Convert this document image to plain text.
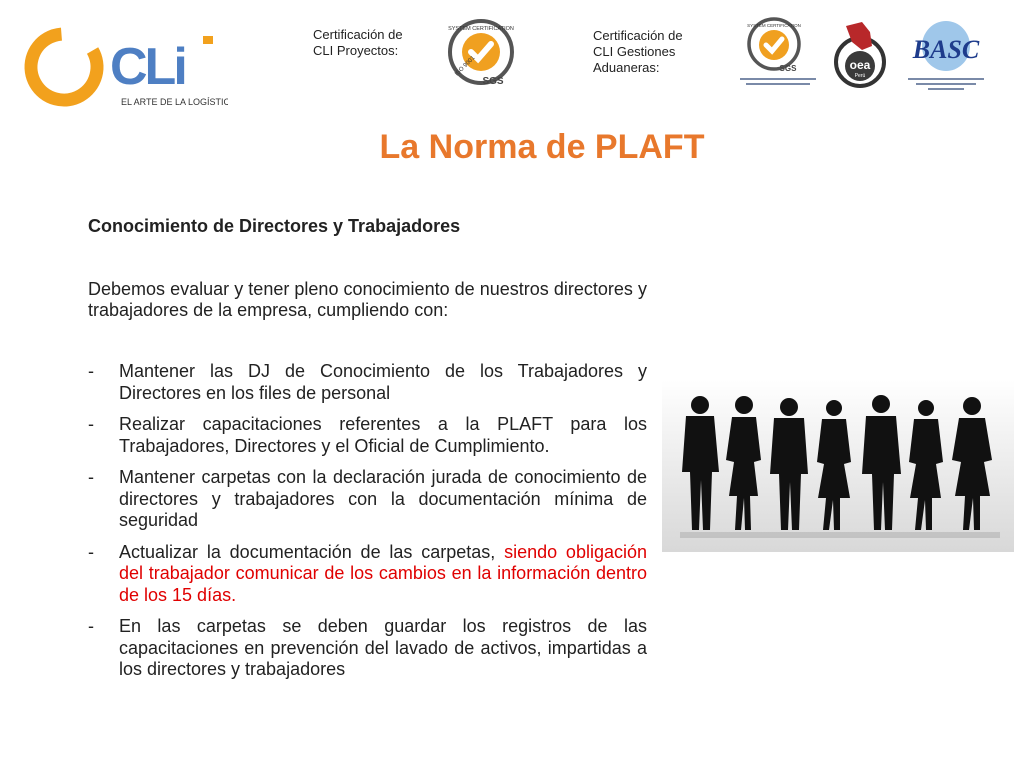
CLi
EL ARTE DE LA LOGÍSTICA
Certificación de CLI Proyectos:
Certificación de CLI Gestiones Aduaneras:
SYSTEM CERTIFICATION
ISO 9001
SGS
SYSTEM CERTIFICATION
SGS	oea
Perú
BASC
La Norma de PLAFT
Conocimiento de Directores y Trabajadores
Debemos evaluar y tener pleno conocimiento de nuestros directores y trabajadores de la empresa, cumpliendo con:
- Mantener las DJ de Conocimiento de los Trabajadores y Directores en los files de personal
- Realizar capacitaciones referentes a la PLAFT para los Trabajadores, Directores y el Oficial de Cumplimiento.
- Mantener carpetas con la declaración jurada de conocimiento de directores y trabajadores con la documentación mínima de seguridad
- Actualizar la documentación de las carpetas, siendo obligación del trabajador comunicar de los cambios en la información dentro de los 15 días.
- En las carpetas se deben guardar los registros de las capacitaciones en prevención del lavado de activos, impartidas a los directores y trabajadores
